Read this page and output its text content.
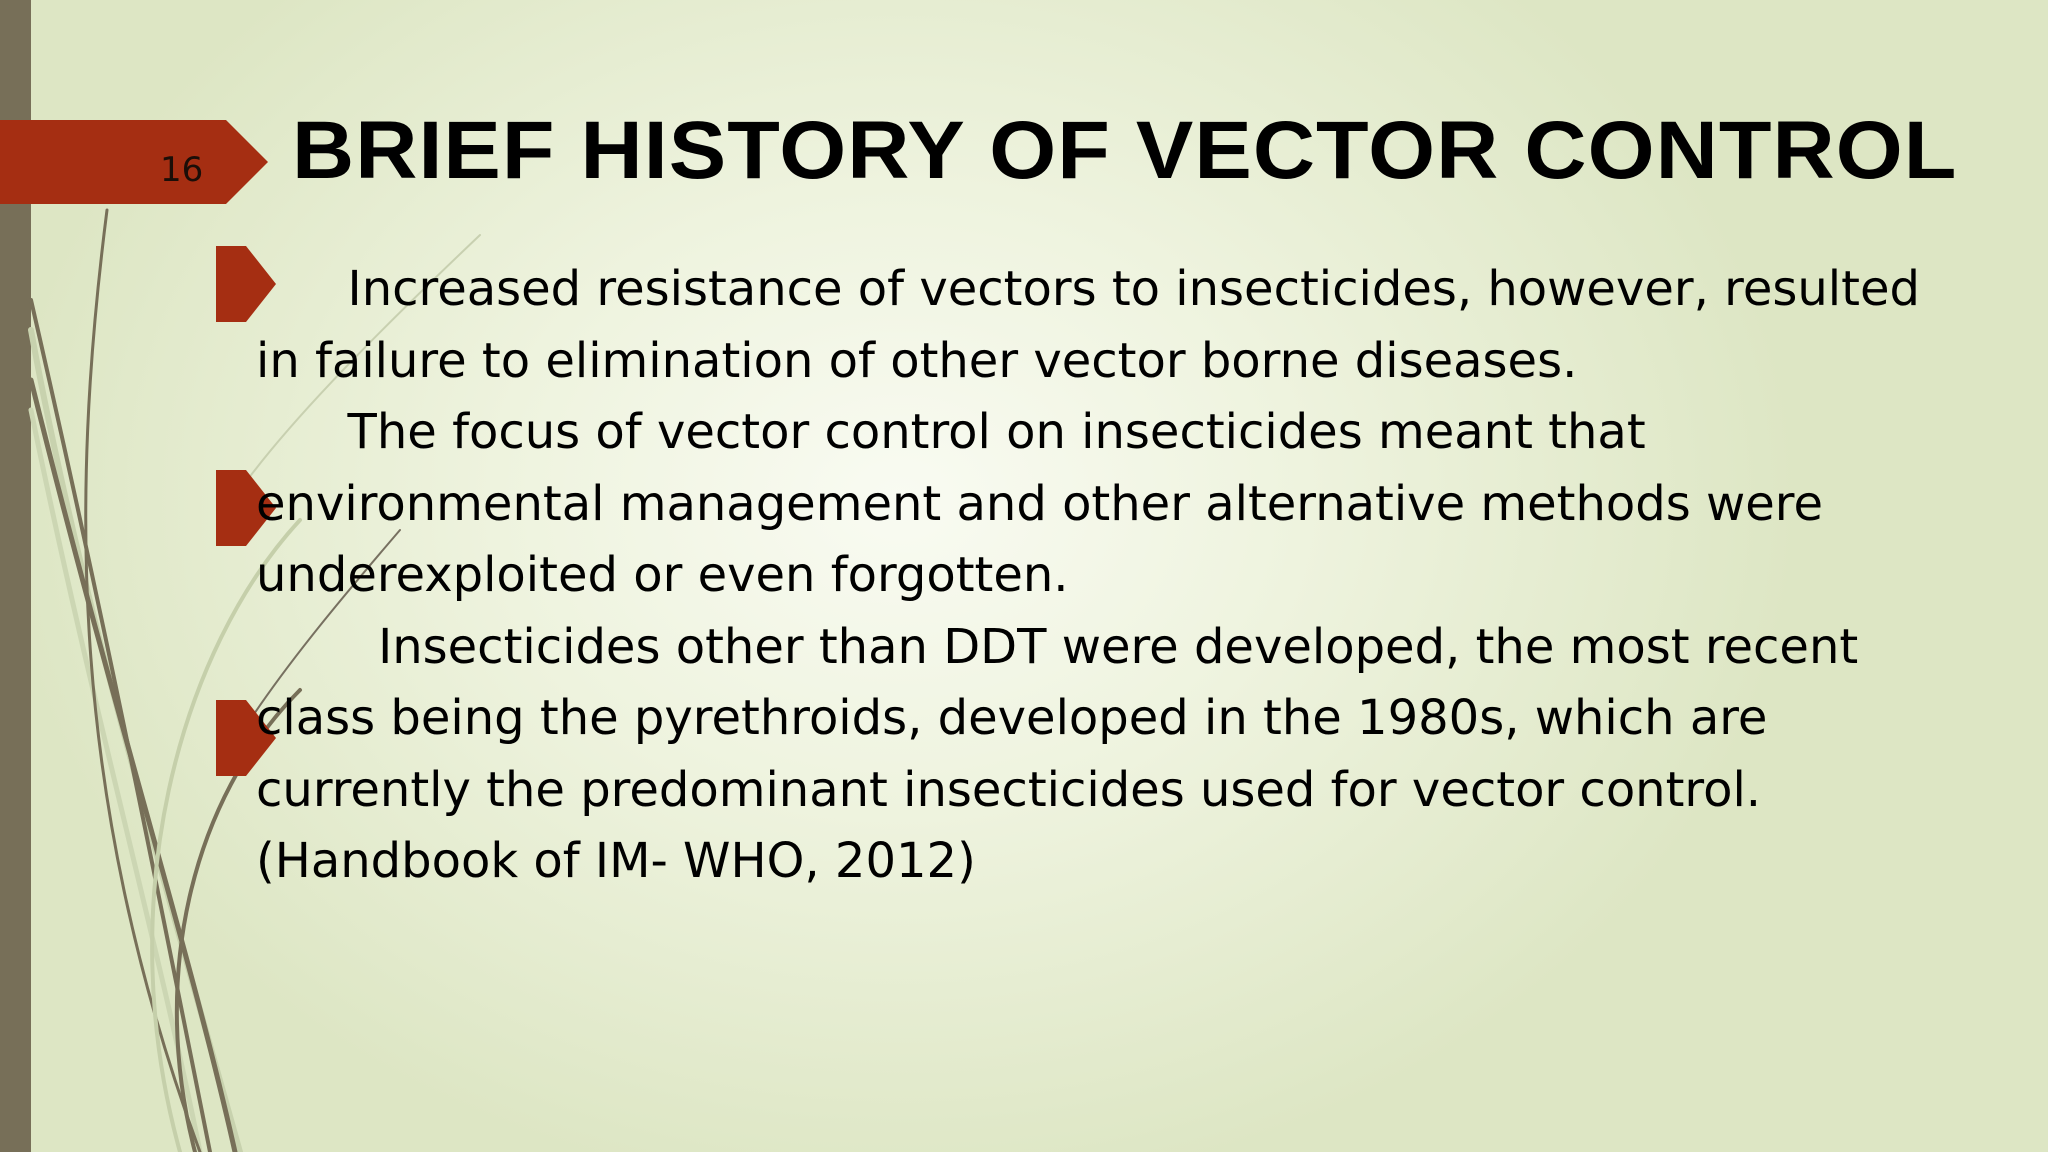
16 BRIEF HISTORY OF VECTOR CONTROL
Increased resistance of vectors to insecticides, however, resulted
in failure to elimination of other vector borne diseases.
The focus of vector control on insecticides meant that
environmental management and other alternative methods were
underexploited or even forgotten.
Insecticides other than DDT were developed, the most recent
class being the pyrethroids, developed in the 1980s, which are
currently the predominant insecticides used for vector control.
(Handbook of IM- WHO, 2012)
